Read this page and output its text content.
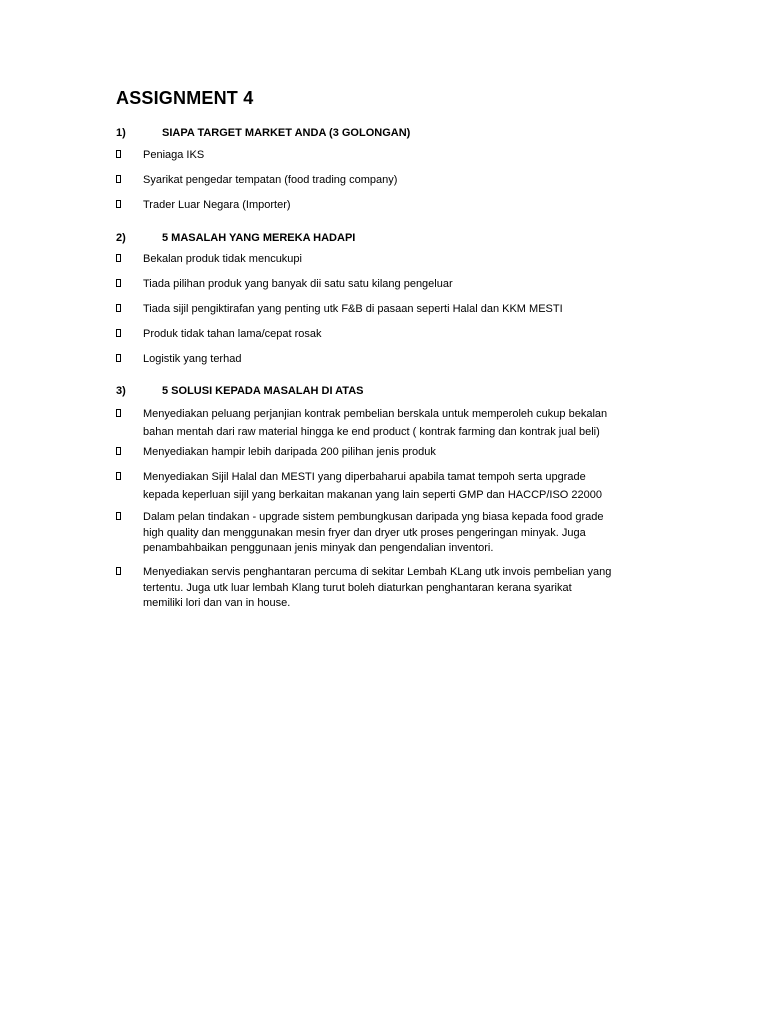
ASSIGNMENT 4
1)	SIAPA TARGET MARKET ANDA (3 GOLONGAN)
Peniaga IKS
Syarikat pengedar tempatan (food trading company)
Trader Luar Negara (Importer)
2)	5 MASALAH YANG MEREKA HADAPI
Bekalan produk tidak mencukupi
Tiada pilihan produk yang banyak dii satu satu kilang pengeluar
Tiada sijil pengiktirafan yang penting utk F&B di pasaan seperti Halal dan KKM MESTI
Produk tidak tahan lama/cepat rosak
Logistik yang terhad
3)	5 SOLUSI KEPADA MASALAH DI ATAS
Menyediakan peluang perjanjian kontrak pembelian berskala untuk memperoleh cukup bekalan
bahan mentah dari raw material hingga ke end product ( kontrak farming dan kontrak jual beli)
Menyediakan hampir lebih daripada 200 pilihan jenis produk
Menyediakan Sijil Halal dan MESTI yang diperbaharui apabila tamat tempoh serta upgrade
kepada keperluan sijil yang berkaitan makanan yang lain seperti GMP dan HACCP/ISO 22000
Dalam pelan tindakan - upgrade sistem pembungkusan daripada yng biasa kepada food grade
high quality dan menggunakan mesin fryer dan dryer utk proses pengeringan minyak. Juga
penambahbaikan penggunaan jenis minyak dan pengendalian inventori.
Menyediakan servis penghantaran percuma di sekitar Lembah KLang utk invois pembelian yang
tertentu. Juga utk luar lembah Klang turut boleh diaturkan penghantaran kerana syarikat
memiliki lori dan van in house.
